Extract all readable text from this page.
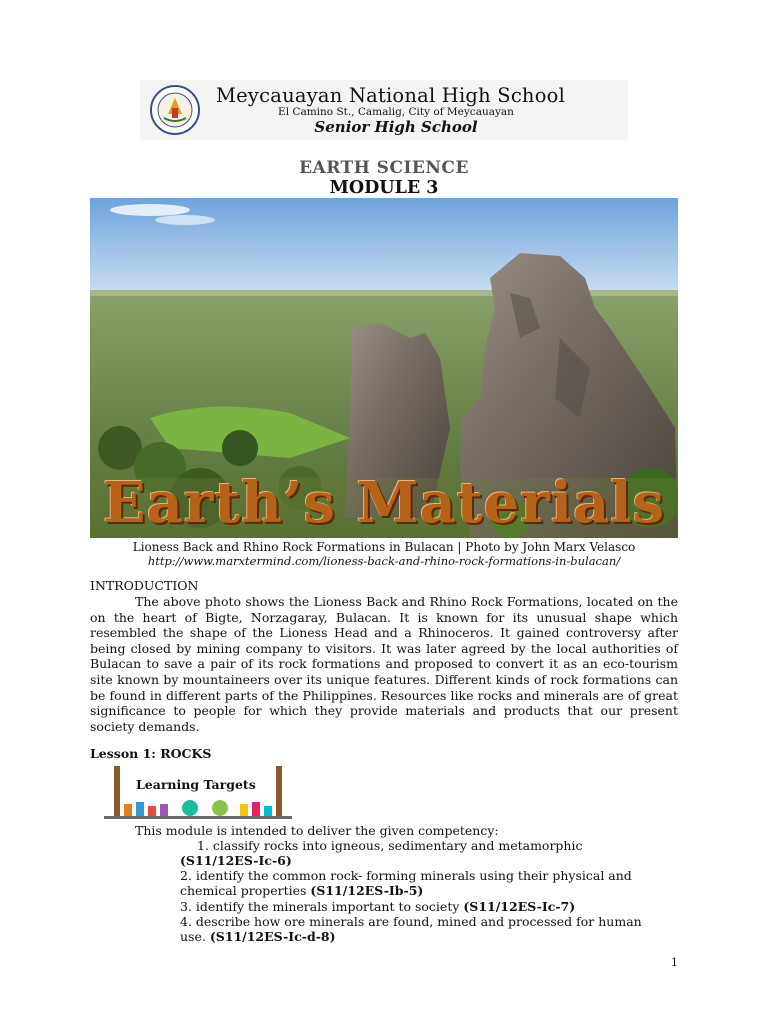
Meycauayan National High School
El Camino St., Camalig, City of Meycauayan
Senior High School
EARTH SCIENCE
MODULE 3
Earth’s Materials
Lioness Back and Rhino Rock Formations in Bulacan | Photo by John Marx Velasco
http://www.marxtermind.com/lioness-back-and-rhino-rock-formations-in-bulacan/
INTRODUCTION
The above photo shows the Lioness Back and Rhino Rock Formations, located on the on the heart of Bigte, Norzagaray, Bulacan. It is known for its unusual shape which resembled the shape of the Lioness Head and a Rhinoceros. It gained controversy after being closed by mining company to visitors. It was later agreed by the local authorities of Bulacan to save a pair of its rock formations and proposed to convert it as an eco-tourism site known by mountaineers over its unique features. Different kinds of rock formations can be found in different parts of the Philippines. Resources like rocks and minerals are of great significance to people for which they provide materials and products that our present society demands.
Lesson 1: ROCKS
Learning Targets
This module is intended to deliver the given competency:
1. classify rocks into igneous, sedimentary and metamorphic
(S11/12ES-Ic-6)
2. identify the common rock- forming minerals using their physical and
chemical properties (S11/12ES-Ib-5)
3. identify the minerals important to society (S11/12ES-Ic-7)
4. describe how ore minerals are found, mined and processed for human
use. (S11/12ES-Ic-d-8)
1
